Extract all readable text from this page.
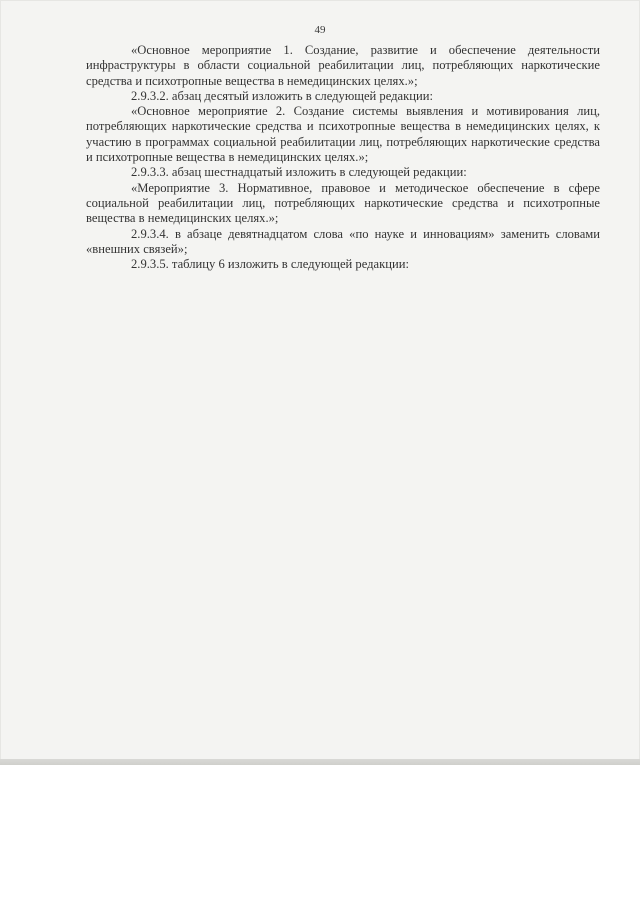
49

«Основное мероприятие 1. Создание, развитие и обеспечение деятельности инфраструктуры в области социальной реабилитации лиц, потребляющих наркотические средства и психотропные вещества в немедицинских целях.»;

2.9.3.2. абзац десятый изложить в следующей редакции:

«Основное мероприятие 2. Создание системы выявления и мотивирования лиц, потребляющих наркотические средства и психотропные вещества в немедицинских целях, к участию в программах социальной реабилитации лиц, потребляющих наркотические средства и психотропные вещества в немедицинских целях.»;

2.9.3.3. абзац шестнадцатый изложить в следующей редакции:

«Мероприятие 3. Нормативное, правовое и методическое обеспечение в сфере социальной реабилитации лиц, потребляющих наркотические средства и психотропные вещества в немедицинских целях.»;

2.9.3.4. в абзаце девятнадцатом слова «по науке и инновациям» заменить словами «внешних связей»;

2.9.3.5. таблицу 6 изложить в следующей редакции:
